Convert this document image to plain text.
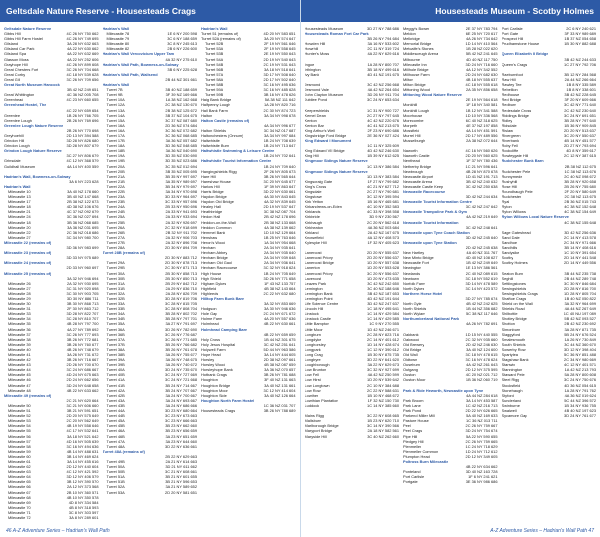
Geltsdale Nature Reserve - Housesteads Crags
Geltsdale Nature Reserve
Gibbs Hill	4C 26 NY 750 662
Gibbs Hill Farm Hostel	4C 26 NY 749 695
Gilsland	3A 28 NY 632 663
Gilsland Car Park	4A 22 NY 630 662
Gilsland Spa	4A 22 NY 632 669
Glasson Moss	4A 22 NY 252 606
Grayhope Hill	4C 26 NY 899 608
Great Chesters Fort	3C 26 NY 704 668
Great Corby	4C 18 NY 539 628
Great Gill	3C 26 NY 709 656
Great North Museum Hancock
3B 42 NZ 249 651
Great Whittington	4C 36 NZ 005 708
Greenhead	4C 23 NY 660 655
Greenhead Hostel, The
4C 22 NY 659 654
Greenlee	1B 26 NY 766 705
Greenlee Lough	2B 26 NY 769 696
Greenlee Lough Nature Reserve
2B 26 NY 770 698
Greyhoehill	2D 13 NY 394 588
Grindon Hill	3D 28 NY 826 680
Grindon Lough	3D 28 NY 807 679
Grindon Lough Nature Reserve
3C 27 NY 806 679
Grinsdale	4C 12 NY 368 579
Guildhall Museum	4A 14 NY 400 559
Hadrian's Wall, Bowness-on-Solway
3A 6 NY 223 628
Hadrian's Wall
Milecastle 10	3A 40 NZ 178 660
Milecastle 13	3B 40 NZ 147 668
Milecastle 17	2B 38 NZ 122 673
Milecastle 18	4D 38 NZ 106 676
Milecastle 21	4C 37 NZ 092 679
Milecastle 24	3C 36 NZ 027 694
Milecastle 18	3B 36 NZ 068 685
Milecastle 20	3A 36 NZ 031 695
Milecastle 22	2C 36 NZ 018 686
Milecastle 27	3C 34 NY 980 700
Milecastle 22 (remains of)
3D 36 NY 983 699
Milecastle 23 (remains of)
3D 33 NY 975 689
Milecastle 24 (remains of)
2D 33 NY 960 697
Milecastle 25 (remains of)
3A 32 NY 946 694
Milecastle 26	2A 32 NY 930 695
Milecastle 27	3C 31 NY 920 698
Milecastle 28	3C 30 NY 903 705
Milecastle 29	3D 30 NY 886 711
Milecastle 30	3B 30 NY 868 713
Milecastle 31	2F 30 NY 863 712
Milecastle 33	3D 28 NY 822 707
Milecastle 34	3C 28 NY 810 707
Milecastle 35	4B 28 NY 797 700
Milecastle 36	4A 27 NY 789 692
Milecastle 37	3C 26 NY 777 693
Milecastle 38	3B 26 NY 772 681
Milecastle 39	3B 26 NY 760 677
Milecastle 40	4B 26 NY 748 679
Milecastle 41	3A 26 NY 731 672
Milecastle 42	3B 26 NY 716 667
Milecastle 43	2D 26 NY 700 670
Milecastle 44	3C 24 NY 686 667
Milecastle 45	4D 24 NY 675 663
Milecastle 46	2D 24 NY 662 656
Milecastle 47	3D 24 NY 648 658
Milecastle 48	4B 22 NY 633 662
Milecastle 49 (remains of)
2C 21 NY 620 664
Milecastle 50	3C 21 NY 606 660
Milecastle 51	3B 21 NY 591 651
Milecastle 52	2D 20 NY 575 649
Milecastle 53	2C 20 NY 562 649
Milecastle 54	4B 19 NY 558 646
Milecastle 55	4C 17 NY 532 641
Milecastle 56	3A 18 NY 521 642
Milecastle 57	4D 16 NY 505 639
Milecastle 58	3C 16 NY 494 636
Milecastle 59	4B 14 NY 488 631
Milecastle 60	3B 14 NY 469 624
Milecastle 61	3A 14 NY 455 616
Milecastle 62	2D 12 NY 440 604
Milecastle 63	4C 12 NY 421 592
Milecastle 64	3D 12 NY 406 579
Milecastle 65	3B 12 NY 390 570
Milecastle 66	2A 12 NY 373 568
Milecastle 67	2B 10 NY 360 571
Milecastle 68	4B 10 NY 350 578
Milecastle 69	4D 8 NY 334 584
Milecastle 70	4B 8 NY 318 593
Milecastle 71	3C 8 NY 303 597
Milecastle 72	3A 8 NY 289 601
Hadrian's Wall
Milecastle 78	1E 6 NY 200 598
Milecastle 79	3C 6 NY 188 659
Milecastle 80	3C 8 NY 245 613
Milecastle 82	2B 6 NY 226 600
Hadrian's Wall Vercovicium Upper Tam
4A 32 NY 275 610
Hadrian's Wall Path, Bowness-on-Solway
3B 6 NY 225 628
Hadrian's Wall Path, Wallsend
2B 44 NZ 301 661
Hadrian's Wall
Turret 7B	3B 40 NZ 188 659
Turret 9B	3F 39 NZ 169 666
Turret 10A	1A 38 NZ 162 668
Turret 12A	2C 38 NZ 130 670
Turret 13A	2B 38 NZ 125 672
Turret 14A	3B 37 NZ 104 675
Turret 15A	3C 37 NZ 087 680
Turret 16A	2D 36 NZ 074 684
Turret 16A	3C 36 NZ 072 682
Turret 17A	3C 36 NZ 068 685
Turret 17B	3A 36 NZ 057 682
Turret 18A	3D 36 NZ 048 685
Turret 18B	3A 36 NZ 040 690
Turret 19A	3D 35 NZ 030 690
Turret 19B	3D 35 NZ 023 686
Turret 20A	3C 35 NZ 012 694
Turret 20B	3B 35 NZ 005 695
Turret 21A	3B 35 NY 997 697
Turret 21B	3A 35 NY 989 697
Turret 22A	3B 34 NY 979 697
Turret 22B	3A 34 NY 970 698
Turret 23A	3D 33 NY 964 697
Turret 23B	3C 33 NY 957 696
Turret 24A	2B 33 NY 950 696
Turret 24B	2A 33 NY 941 693
Turret 25A	2A 33 NY 933 694
Turret 25B	2A 32 NY 926 697
Turret 26A	2C 32 NY 918 699
Turret 26B	2B 32 NY 911 702
Turret 27A	2A 32 NY 906 703
Turret 27B	2A 32 NY 896 708
Turret 28A	2D 30 NY 894 709
Turret 28B (remains of)
2D 30 NY 883 712
Turret 29A	2D 30 NY 878 713
Turret 29B	2C 30 NY 871 713
Turret 30A	2B 30 NY 858 713
Turret 30B	2B 30 NY 850 713
Turret 31A	2B 29 NY 842 712
Turret 31B	2A 29 NY 836 710
Turret 32A	2A 28 NY 826 709
Turret 32B	3D 28 NY 819 706
Turret 33A	3C 28 NY 815 705
Turret 33B	3C 28 NY 808 704
Turret 34A	3B 28 NY 802 702
Turret 34B	3B 28 NY 797 701
Turret 35A	3A 27 NY 791 697
Turret 36A	3D 26 NY 782 690
Turret 36B	3C 26 NY 776 687
Turret 37A	3C 26 NY 771 685
Turret 37B	3B 26 NY 766 682
Turret 38A	3B 26 NY 761 678
Turret 38B	3A 26 NY 755 677
Turret 39A	3A 26 NY 748 675
Turret 39B	3A 26 NY 740 672
Turret 40A	3D 24 NY 735 670
Turret 40B	3C 24 NY 727 669
Turret 41A	3C 24 NY 721 668
Turret 41B	3B 24 NY 714 667
Turret 42A	3B 24 NY 707 667
Turret 42B	3A 24 NY 700 667
Turret 43A	3A 24 NY 693 667
Turret 43B	3A 24 NY 686 666
Turret 44A	3D 23 NY 680 664
Turret 44B	3C 23 NY 673 663
Turret 45A	3C 23 NY 666 663
Turret 45B	3B 23 NY 662 660
Turret 46A	3B 23 NY 656 659
Turret 46B	3A 23 NY 651 659
Turret 47A	3A 23 NY 644 660
Turret 48A	3D 22 NY 636 661
Turret 48A (remains of)
2B 22 NY 629 663
Turret 49B	2A 21 NY 614 663
Turret 50A	3D 21 NY 611 662
Turret 50B	3C 21 NY 608 661
Turret 51A	3B 21 NY 601 655
Turret 51B	3B 21 NY 596 653
Turret 52A	3A 21 NY 589 652
Turret 53A	2D 20 NY 581 651
Hadrian's Wall
Turret 51 (remains of)	4D 20 NY 583 651
Turret 52A (remains of)	3A 20 NY 574 647
Turret 52B	2F 19 NY 561 646
Turret 53A	2F 19 NY 558 645
Turret 53B	2E 19 NY 550 643
Turret 54A	2D 19 NY 540 643
Turret 54B	2C 19 NY 531 643
Turret 56B	3A 18 NY 518 641
Turret 57A	3D 17 NY 508 640
Turret 58A	2D 17 NY 502 640
Turret 58B	3C 16 NY 495 636
Turret 59A	3C 16 NY 485 628
Turret 59B	3B 16 NY 478 626
Haig Bank Bridge	5A 38 NZ 111 642
Halfpenny Lough	1A 28 NY 820 716
Hall Bank Farm	2C 30 NY 874 723
Halton	3A 34 NY 998 678
Halton Castle (remains of)
4A 34 NY 996 677
Halton Shields	3C 34 NZ 017 687
Haltonchesters (Onnum)	3A 34 NY 997 684
Haltwhistle	1B 24 NY 708 639
Haltwhistle Burn	1B 24 NY 713 647
Haltwhistle Swimming & Leisure Centre
1B 24 NY 702 641
Haltwhistle Tourist Information Centre
1B 24 NY 709 640
Hangingshields Rigg	2F 26 NY 805 673
Hare Hill	3B 26 NY 565 644
Hareshaw House	3C 20 NY 645 677
Harlow Hill	1F 39 NY 863 647
Harris Bridge	3D 22 NY 630 661
Haydon Bridge	4A 30 NY 843 645
Haydon Old Bridge	4A 32 NY 839 645
Healey Hall	2D 19 NY 537 647
Heathbridge	3C 38 NZ 087 704
Hedon Hall	2B 42 NZ 178 696
Heddon-on-the-Wall	2B 38 NZ 133 668
Heddon Common	4A 38 NZ 139 662
Hemmel Bank	1D 10 NZ 129 664
Henshaw	1B 25 NY 763 646
Heron's Wood	1A 34 NY 954 668
Hexham	2A 34 NY 935 641
Hexham Abbey	2A 34 NY 935 640
Hexham Bridge	2A 34 NY 939 648
Hexham Old Gaol	2A 34 NY 936 641
Hexham Racecourse	3C 32 NY 918 624
High House	1B 24 NY 705 649
High Shield	3D 26 NY 771 658
Higham Dykes	1F 43 NZ 133 757
Highfield	4B 38 NZ 143 664
Highleeds	2C 22 NY 632 680
Hilltop Farm Bunk Barn
3A 32 NY 853 669
Hodgson	3A 30 NY 946 636
Hole Gap	2C 24 NY 671 672
Holme Farm	4A 20 NY 557 636
Holmhead	4B 22 NY 630 661
Holmhead Camping Barn
4B 22 NY 659 659
Holy Cross	1B 44 NZ 301 675
Holy Jesus Hospital	3C 42 NZ 251 641
Holywell Farm	5D 44 NY 963 586
Hope Head	3A 14 NY 444 605
Horsley	2D 38 NZ 097 661
Horsley Wood	4B 38 NZ 087 659
Horsleyhope Bank	3A 36 NZ 070 657
Hotbank Crags	3B 26 NY 781 688
Houghton	3F 40 NZ 131 663
Houghton Bridge	3A 40 NZ 131 661
Houghton Moor	3C 12 NY 414 604
Houghton Side	3A 40 NZ 126 664
Houghton North Farm Hostel
1C 36 NZ 031 707
Housesteads Crags	3B 26 NY 788 689
46 A-Z Adventure Series – Hadrian's Wall Path
Housesteads Museum - Scotby Holmes
Housesteads Museum	3D 27 NY 788 686
Housesteads Roman Fort Car Park
3B 26 NY 794 684
Howden Hill	3A 16 NY 533 602
Howrhill	2C 11 NY 319 724
Hunter's Moss	4A 22 NY 629 616
Ingoe	1A 28 NY 800 707
Irthington	3B 18 NY 499 616
Ivy Bank	4D 41 NZ 191 675
Jesmond	3C 42 NZ 256 668
Jesmond Vale	4A 42 NZ 264 654
John Clayton Museum	3D 26 NY 911 704
Jubilee Pond	3C 24 NY 653 634
Keepershields	1C 31 NY 900 727
Kemel Dean	2C 27 NY 797 645
Kenton	4C 42 NZ 220 676
Kenton Bar	4C 41 NZ 213 675
King Arthur's Well	2F 23 NY 690 686
Kingsbridge Ford Bridge	2E 36 NY 027 424
King Edward I Monument
1C 11 NY 325 609
King Edward VII Bridge	4D 42 NZ 246 630
King Hill	1B 39 NY 612 625
Kingmoor Sidings Nature Reserve
1C 13 NY 386 584
Kingmoor Sidings Nature Reserve
1D 13 NY 383 584
Kingscraig Gate	1F 27 NY 799 682
King's Cross	4C 21 NY 627 712
Kingsdale	2C 27 NY 790 681
Kingstown	3C 12 NY 395 594
Kirk Yetton	1B 16 NY 465 681
Kirkandrews-on-Eden	4C 10 NY 352 583
Kirklands	4C 33 NY 398 558
Kirkbride	3D 9 NY 230 567
Kirkhaugh	2C 20 NY 562 618
Kirkheaton	4A 36 NZ 003 684
Kirkland	2A 42 NZ 167 675
Knowefield	4A 12 NY 408 573
Kylesyke Hill	1F 32 NY 405 623
Lanercost	2D 20 NY 555 637
Lanercost Priory	2D 20 NY 556 637
Lanercost Bridge	1D 20 NY 557 638
Lanerton	1D 20 NY 553 628
Lanercost Priory	3C 20 NY 556 637
Lavercost	1D 20 NY 473 635
Leazes Park	3C 42 NZ 242 650
Lemington	3C 40 NZ 188 646
Lemington Bank	3B 42 NZ 187 653
Lemington Point	4D 42 NZ 191 644
Life Science Centre	3D 42 NZ 247 637
Lincoln Hill	1C 18 NY 495 641
Linstock	1C 14 NY 429 584
Linstock Castle	1C 14 NY 429 585
Little Bampton	1C 9 NY 270 555
Little Moor	1D 42 NZ 246 671
Longburn	2C 28 NY 823 716
Longdyke	2C 14 NY 401 612
Longhorsley	1D 14 NY 428 674
Longpark	1C 12 NY 390 612
Long Crag	1B 30 NY 875 735
Longbyre	3D 22 NY 641 620
Loughborough	3A 22 NY 629 673
Low Brunton	3C 32 NY 927 699
Low Fell	4A 42 NZ 250 599
Low Hirst	1D 20 NY 539 642
Low Longtown	2C 10 NY 384 688
Low Row	2C 22 NY 588 631
Lowther	1B 10 NY 468 672
Lowthian Plantation	1F 32 NZ 150 730
Luddock	1C 14 NY 385 660
Mains Rigg	3C 22 NY 608 665
Mallsburn	1B 23 NY 620 710
Marlborough Bridge	3C 14 NY 390 566
Maryport Bridge	2A 18 NY 582 561
Maryside Hill	3C 40 NZ 262 660
Meggy's Bower	2E 37 NY 783 794
Meldon	6E 25 NY 720 617
Melkridge	4A 26 NY 734 642
Memorial Bridge	1D 14 NY 410 564
Metcalfe's Stones	1B 28 NZ 022 620
Middlesceugh Arena	5B 42 NZ 241 645
Milbourne	4D 40 NZ 117 750
Milecastle Inn	3D 24 NY 716 660
Millhole Bridge	4A 12 NY 342 552
Millhouse Farm	2D 24 NY 682 630
Milton	4B 18 NY 555 637
Milton Bridge	4C 18 NY 555 618
Mittoning Wood	2A 35 NY 856 658
Mittoning Wood Nature Reserve
2E 19 NY 564 618
Monkhill	1F 18 NY 340 581
Monkhill Lough	1B 12 NY 341 588
Moorhouse	1D 10 NY 336 568
Morecombe	6C 40 NZ 318 625
Morpeth	4E 37 NZ 197 858
Mossfield	4A 14 NY 451 591
Murrel Hill	2D 17 NY 489 556
Musselburgh	2A 38 NZ 072 644
Naworth	4C 16 NY 560 626
Naworth Castle	2D 20 NY 560 625
Nenthead	1F 37 NY 780 436
Netherby Bridge	1C 21 NY 596 641
Newbrough	4B 28 NY 870 678
Newcastle Airport	1D 41 NZ 191 713
Newcastle Arena	3B 42 NZ 240 632
Newcastle Castle Keep	3C 42 NZ 250 638
Newcastle Racecourse
3D 42 NZ 244 634
Newcastle Tourist Information Centre
3C 42 NZ 247 642
Newcastle Trampoline Park & Gym
4A 42 NZ 219 649
Newcastle Tourist Information
3C 42 NZ 248 641
Newcastle upon Tyne Coach Station
3D 42 NZ 245 640
Newcastle upon Tyne Station
2D 42 NZ 245 638
New Hartley	4A 40 NZ 311 767
New Minto Bridge	4D 40 NZ 108 627
Newcastle Fort	1B 42 NZ 249 649
Newington	1E 13 NY 386 561
Newlands	2C 40 NZ 089 615
Newtown	3C 18 NY 552 619
Norfolk Farm	3D 14 NY 478 589
North Dykes	3C 14 NY 423 572
Northern Horse Hotel
3D 27 NY 785 674
North Gyle	4B 42 NZ 242 625
North Shields	1B 44 NZ 356 682
North Wylam	5C 38 NZ 117 646
Northumberland National Park
4A 26 NY 782 691
Oakbank	1D 15 NY 440 555
Oakwood	2C 32 NY 935 660
Old Brewery	2D 42 NZ 246 630
Old Bridge	3A 40 NZ 124 600
Old Wall	3C 18 NY 478 615
Oldtown	3C 16 NY 478 624
Ouseburn	4A 42 NZ 261 643
Outgang	2D 12 NY 375 595
Ouston	4C 20 NZ 021 712
Ouston Moor	1B 36 NZ 060 719
Park & Ride Heworth, Newcastle upon Tyne
4A 44 NZ 284 618
Park Broom	3A 14 NY 453 587
Park Lane	1C 42 NZ 216 713
Park Pond	2D 22 NY 626 665
Parkend Miller Mill	5A 40 NZ 169 633
Pasture House	1C 36 NZ 013 711
Peel	2C 26 NY 759 667
Peel Crags	3D 24 NY 754 674
Pipe Hill	5A 22 NY 590 655
Pledgey Hill	2C 26 NY 759 665
Plenmeller	1C 24 NY 718 629
Plenmeller Common	1D 24 NY 712 612
Plumpton Head	2D 12 NY 349 605
Poltross Burn Milecastle
4B 22 NY 634 662
Ponteland	3D 40 NZ 163 728
Port Carlisle	1F 6 NY 241 621
Portgate	3E 36 NY 986 686
Port Carlisle	2C 6 NY 240 621
Port Gate	3F 33 NY 989 689
Prospect Hill	1B 37 NZ 054 658
Prudhamstone House	1B 30 NY 882 688
Queen Elizabeth II Bridge
3B 42 NZ 244 633
Queen's Crags	1C 27 NY 792 706
Raeburnfoot	3B 12 NY 284 568
Raw Hill	2A 44 NZ 266 664
Rawley Tee	1B 8 NY 335 589
Rebellion	1B 8 NY 338 601
Redhouse	3B 42 NZ 228 645
Red Bridge	3F 20 NY 609 666
Redburn	3C 42 NY 771 640
Redesdale Cross	2C 42 NZ 230 640
Riddings Bridge	3C 24 NY 691 651
Ridley	3B 28 NY 797 640
Ridsdale	1B 36 NY 909 845
Rislaw	2D 20 NY 513 637
Rivergreen	3C 20 NY 550 637
Riverbank	4B 14 NY 451 577
Roby Fell	2D 27 NY 793 694
Rockcliffe	4D 8 NY 359 617
Rowleygate Hill	2C 12 NY 387 615
Rudchester Bunk Barn
2B 38 NZ 112 675
Rudchester Pele	1C 38 NZ 113 676
Runnymede	2C 40 NZ 098 672
Rushyhill	3B 28 NY 920 658
Rose Hill	2B 26 NY 755 680
Roundhaugh Pele	2F 20 NY 580 649
Rudchester	2C 38 NZ 113 675
Ryal	2B 36 NZ 015 743
Ryton	4C 38 NZ 152 648
Ryton Willows	4C 38 NZ 154 649
Ryton Willows Local Nature Reserve
4C 38 NZ 155 648
Sage Gateshead	3D 42 NZ 256 636
Sand Dale	2C 14 NY 413 578
Sandhoe	2C 34 NY 971 666
Sandhills	3B 14 NY 408 616
Sandysike	1C 10 NY 391 654
Scotby	2D 14 NY 441 548
Scotby Holmes	2D 14 NY 449 556
Seaton Burn	3B 44 NZ 235 738
Seghill	2B 44 NZ 289 748
Settlingstones	3C 30 NY 846 684
Sewingshields	2D 28 NY 816 700
Sewingshields Crags	1D 28 NY 805 704
Shaftoe Crags	1B 40 NZ 050 822
Shield on the Wall	3A 32 NY 964 699
Shields Road	4A 44 NZ 267 649
Shilbottle	1C 40 NU 197 089
Shotley Bridge	5B 42 NZ 093 527
Shotton	2B 42 NZ 230 692
Simonburn	3A 28 NY 871 735
Slaggyford	5B 24 NY 676 524
Smalesmouth	1A 26 NY 730 849
South Shields	3C 44 NZ 360 670
Sowerby Row	3D 12 NY 398 404
Spartylea	5C 36 NY 851 488
Stagshaw Bank	2C 34 NY 980 669
Stanwix	4C 12 NY 401 571
Stannington	1A 42 NZ 213 793
Staward Pele	5A 28 NY 800 608
Steel Rigg	3C 24 NY 750 676
Stocksfield	4D 36 NZ 054 615
Stonehaugh	1A 28 NY 791 762
Styford	4A 36 NZ 019 624
Sunderland	5C 44 NZ 396 572
Swinburne	1B 34 NY 936 755
Swalwell	4B 40 NZ 197 623
Sycamore Gap	3D 24 NY 761 677
A-Z Adventure Series – Hadrian's Wall Path 47
